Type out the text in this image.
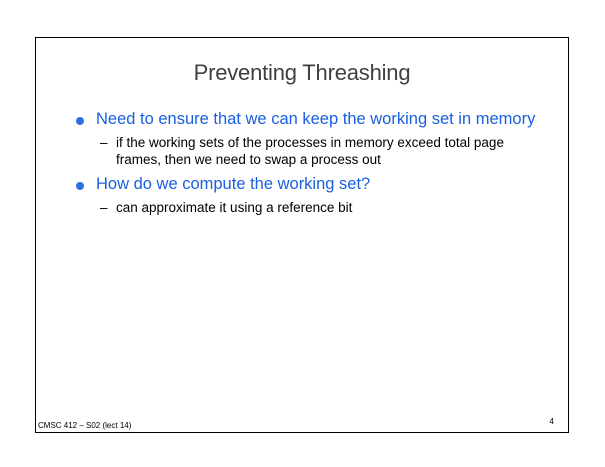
Preventing Threashing
Need to ensure that we can keep the working set in memory
– if the working sets of the processes in memory exceed total page frames, then we need to swap a process out
How do we compute the working set?
– can approximate it using a reference bit
CMSC 412 – S02 (lect 14)	4
